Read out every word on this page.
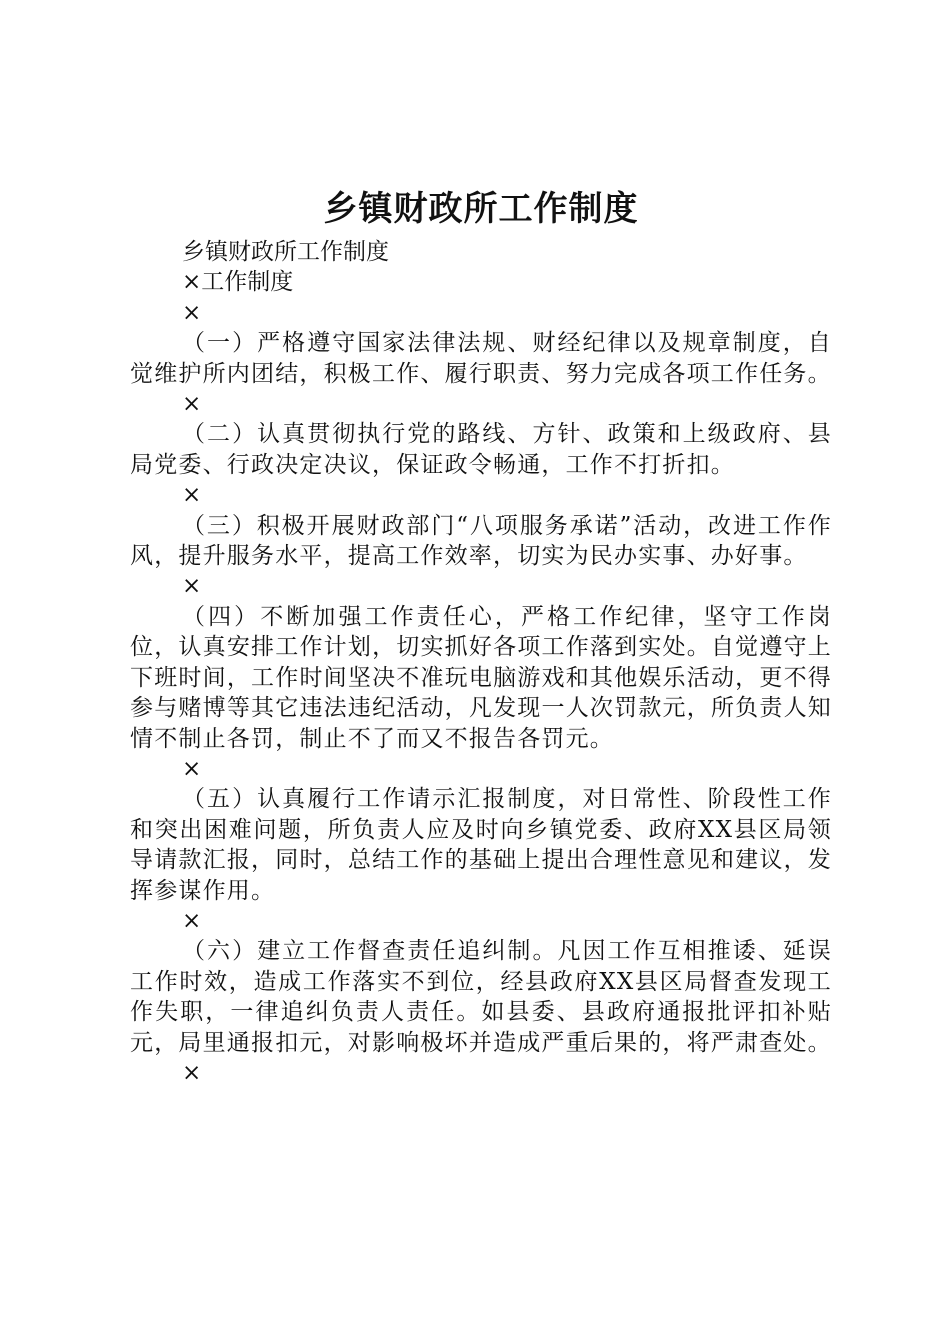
乡镇财政所工作制度

乡镇财政所工作制度

×工作制度

×

（一）严格遵守国家法律法规、财经纪律以及规章制度，自觉维护所内团结，积极工作、履行职责、努力完成各项工作任务。

×

（二）认真贯彻执行党的路线、方针、政策和上级政府、县局党委、行政决定决议，保证政令畅通，工作不打折扣。

×

（三）积极开展财政部门“八项服务承诺”活动，改进工作作风，提升服务水平，提高工作效率，切实为民办实事、办好事。

×

（四）不断加强工作责任心，严格工作纪律，坚守工作岗位，认真安排工作计划，切实抓好各项工作落到实处。自觉遵守上下班时间，工作时间坚决不准玩电脑游戏和其他娱乐活动，更不得参与赌博等其它违法违纪活动，凡发现一人次罚款元，所负责人知情不制止各罚，制止不了而又不报告各罚元。

×

（五）认真履行工作请示汇报制度，对日常性、阶段性工作和突出困难问题，所负责人应及时向乡镇党委、政府XX县区局领导请款汇报，同时，总结工作的基础上提出合理性意见和建议，发挥参谋作用。

×

（六）建立工作督查责任追纠制。凡因工作互相推诿、延误工作时效，造成工作落实不到位，经县政府XX县区局督查发现工作失职，一律追纠负责人责任。如县委、县政府通报批评扣补贴元，局里通报扣元，对影响极坏并造成严重后果的，将严肃查处。

×
